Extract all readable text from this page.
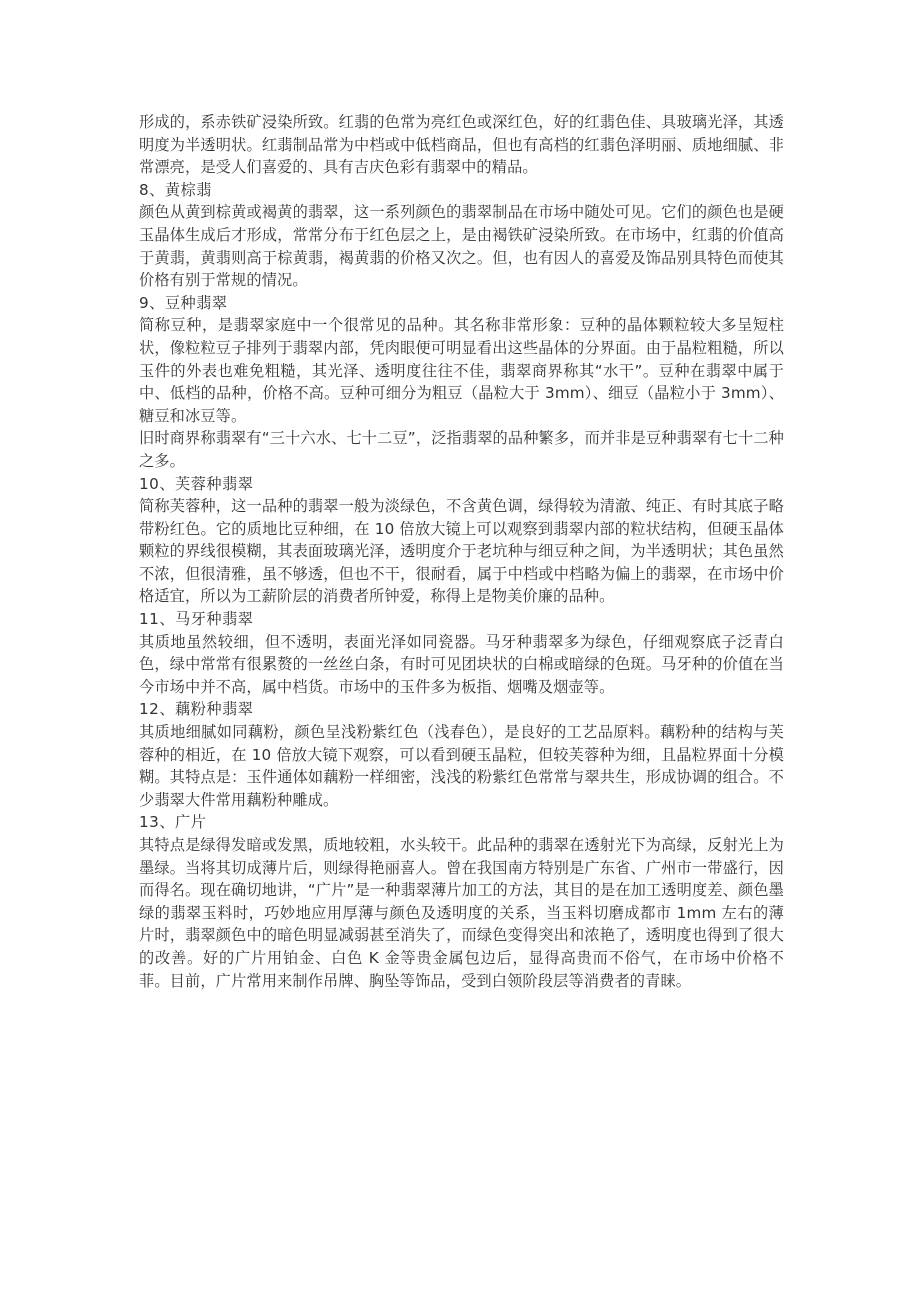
形成的，系赤铁矿浸染所致。红翡的色常为亮红色或深红色，好的红翡色佳、具玻璃光泽，其透明度为半透明状。红翡制品常为中档或中低档商品，但也有高档的红翡色泽明丽、质地细腻、非常漂亮，是受人们喜爱的、具有吉庆色彩有翡翠中的精品。

8、黄棕翡

颜色从黄到棕黄或褐黄的翡翠，这一系列颜色的翡翠制品在市场中随处可见。它们的颜色也是硬玉晶体生成后才形成，常常分布于红色层之上，是由褐铁矿浸染所致。在市场中，红翡的价值高于黄翡，黄翡则高于棕黄翡，褐黄翡的价格又次之。但，也有因人的喜爱及饰品别具特色而使其价格有别于常规的情况。

9、豆种翡翠

简称豆种，是翡翠家庭中一个很常见的品种。其名称非常形象：豆种的晶体颗粒较大多呈短柱状，像粒粒豆子排列于翡翠内部，凭肉眼便可明显看出这些晶体的分界面。由于晶粒粗糙，所以玉件的外表也难免粗糙，其光泽、透明度往往不佳，翡翠商界称其“水干”。豆种在翡翠中属于中、低档的品种，价格不高。豆种可细分为粗豆（晶粒大于 3mm）、细豆（晶粒小于 3mm）、糖豆和冰豆等。

旧时商界称翡翠有“三十六水、七十二豆”，泛指翡翠的品种繁多，而并非是豆种翡翠有七十二种之多。

10、芙蓉种翡翠

简称芙蓉种，这一品种的翡翠一般为淡绿色，不含黄色调，绿得较为清澈、纯正、有时其底子略带粉红色。它的质地比豆种细，在 10 倍放大镜上可以观察到翡翠内部的粒状结构，但硬玉晶体颗粒的界线很模糊，其表面玻璃光泽，透明度介于老坑种与细豆种之间，为半透明状；其色虽然不浓，但很清雅，虽不够透，但也不干，很耐看，属于中档或中档略为偏上的翡翠，在市场中价格适宜，所以为工薪阶层的消费者所钟爱，称得上是物美价廉的品种。

11、马牙种翡翠

其质地虽然较细，但不透明，表面光泽如同瓷器。马牙种翡翠多为绿色，仔细观察底子泛青白色，绿中常常有很累赘的一丝丝白条，有时可见团块状的白棉或暗绿的色斑。马牙种的价值在当今市场中并不高，属中档货。市场中的玉件多为板指、烟嘴及烟壶等。

12、藕粉种翡翠

其质地细腻如同藕粉，颜色呈浅粉紫红色（浅春色），是良好的工艺品原料。藕粉种的结构与芙蓉种的相近，在 10 倍放大镜下观察，可以看到硬玉晶粒，但较芙蓉种为细，且晶粒界面十分模糊。其特点是：玉件通体如藕粉一样细密，浅浅的粉紫红色常常与翠共生，形成协调的组合。不少翡翠大件常用藕粉种雕成。

13、广片

其特点是绿得发暗或发黑，质地较粗，水头较干。此品种的翡翠在透射光下为高绿，反射光上为墨绿。当将其切成薄片后，则绿得艳丽喜人。曾在我国南方特别是广东省、广州市一带盛行，因而得名。现在确切地讲，“广片”是一种翡翠薄片加工的方法，其目的是在加工透明度差、颜色墨绿的翡翠玉料时，巧妙地应用厚薄与颜色及透明度的关系，当玉料切磨成都市 1mm 左右的薄片时，翡翠颜色中的暗色明显减弱甚至消失了，而绿色变得突出和浓艳了，透明度也得到了很大的改善。好的广片用铂金、白色 K 金等贵金属包边后，显得高贵而不俗气，在市场中价格不菲。目前，广片常用来制作吊牌、胸坠等饰品，受到白领阶段层等消费者的青睐。
